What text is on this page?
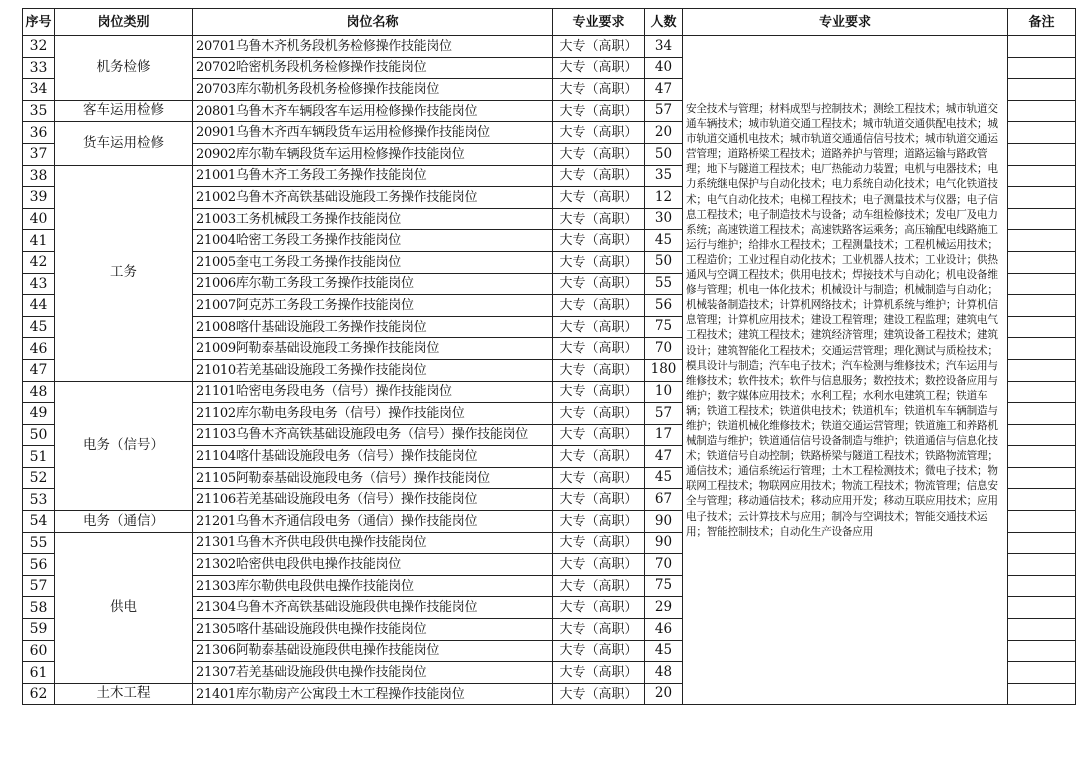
序号	岗位类别	岗位名称	专业要求	人数	专业要求	备注
32	机务检修	20701乌鲁木齐机务段机务检修操作技能岗位	大专（高职）	34	安全技术与管理；材料成型与控制技术；测绘工程技术；城市轨道交通车辆技术；城市轨道交通工程技术；城市轨道交通供配电技术；城市轨道交通机电技术；城市轨道交通通信信号技术；城市轨道交通运营管理；道路桥梁工程技术；道路养护与管理；道路运输与路政管理；地下与隧道工程技术；电厂热能动力装置；电机与电器技术；电力系统继电保护与自动化技术；电力系统自动化技术；电气化铁道技术；电气自动化技术；电梯工程技术；电子测量技术与仪器；电子信息工程技术；电子制造技术与设备；动车组检修技术；发电厂及电力系统；高速铁道工程技术；高速铁路客运乘务；高压输配电线路施工运行与维护；给排水工程技术；工程测量技术；工程机械运用技术；工程造价；工业过程自动化技术；工业机器人技术；工业设计；供热通风与空调工程技术；供用电技术；焊接技术与自动化；机电设备维修与管理；机电一体化技术；机械设计与制造；机械制造与自动化；机械装备制造技术；计算机网络技术；计算机系统与维护；计算机信息管理；计算机应用技术；建设工程管理；建设工程监理；建筑电气工程技术；建筑工程技术；建筑经济管理；建筑设备工程技术；建筑设计；建筑智能化工程技术；交通运营管理；理化测试与质检技术；模具设计与制造；汽车电子技术；汽车检测与维修技术；汽车运用与维修技术；软件技术；软件与信息服务；数控技术；数控设备应用与维护；数字媒体应用技术；水利工程；水利水电建筑工程；铁道车辆；铁道工程技术；铁道供电技术；铁道机车；铁道机车车辆制造与维护；铁道机械化维修技术；铁道交通运营管理；铁道施工和养路机械制造与维护；铁道通信信号设备制造与维护；铁道通信与信息化技术；铁道信号自动控制；铁路桥梁与隧道工程技术；铁路物流管理；通信技术；通信系统运行管理；土木工程检测技术；微电子技术；物联网工程技术；物联网应用技术；物流工程技术；物流管理；信息安全与管理；移动通信技术；移动应用开发；移动互联应用技术；应用电子技术；云计算技术与应用；制冷与空调技术；智能交通技术运用；智能控制技术；自动化生产设备应用	
33		20702哈密机务段机务检修操作技能岗位	大专（高职）	40		
34		20703库尔勒机务段机务检修操作技能岗位	大专（高职）	47		
35	客车运用检修	20801乌鲁木齐车辆段客车运用检修操作技能岗位	大专（高职）	57		
36	货车运用检修	20901乌鲁木齐西车辆段货车运用检修操作技能岗位	大专（高职）	20		
37		20902库尔勒车辆段货车运用检修操作技能岗位	大专（高职）	50		
38	工务	21001乌鲁木齐工务段工务操作技能岗位	大专（高职）	35		
39		21002乌鲁木齐高铁基础设施段工务操作技能岗位	大专（高职）	12		
40		21003工务机械段工务操作技能岗位	大专（高职）	30		
41		21004哈密工务段工务操作技能岗位	大专（高职）	45		
42		21005奎屯工务段工务操作技能岗位	大专（高职）	50		
43		21006库尔勒工务段工务操作技能岗位	大专（高职）	55		
44		21007阿克苏工务段工务操作技能岗位	大专（高职）	56		
45		21008喀什基础设施段工务操作技能岗位	大专（高职）	75		
46		21009阿勒泰基础设施段工务操作技能岗位	大专（高职）	70		
47		21010若羌基础设施段工务操作技能岗位	大专（高职）	180		
48	电务（信号）	21101哈密电务段电务（信号）操作技能岗位	大专（高职）	10		
49		21102库尔勒电务段电务（信号）操作技能岗位	大专（高职）	57		
50		21103乌鲁木齐高铁基础设施段电务（信号）操作技能岗位	大专（高职）	17		
51		21104喀什基础设施段电务（信号）操作技能岗位	大专（高职）	47		
52		21105阿勒泰基础设施段电务（信号）操作技能岗位	大专（高职）	45		
53		21106若羌基础设施段电务（信号）操作技能岗位	大专（高职）	67		
54	电务（通信）	21201乌鲁木齐通信段电务（通信）操作技能岗位	大专（高职）	90		
55	供电	21301乌鲁木齐供电段供电操作技能岗位	大专（高职）	90		
56		21302哈密供电段供电操作技能岗位	大专（高职）	70		
57		21303库尔勒供电段供电操作技能岗位	大专（高职）	75		
58		21304乌鲁木齐高铁基础设施段供电操作技能岗位	大专（高职）	29		
59		21305喀什基础设施段供电操作技能岗位	大专（高职）	46		
60		21306阿勒泰基础设施段供电操作技能岗位	大专（高职）	45		
61		21307若羌基础设施段供电操作技能岗位	大专（高职）	48		
62	土木工程	21401库尔勒房产公寓段土木工程操作技能岗位	大专（高职）	20		
